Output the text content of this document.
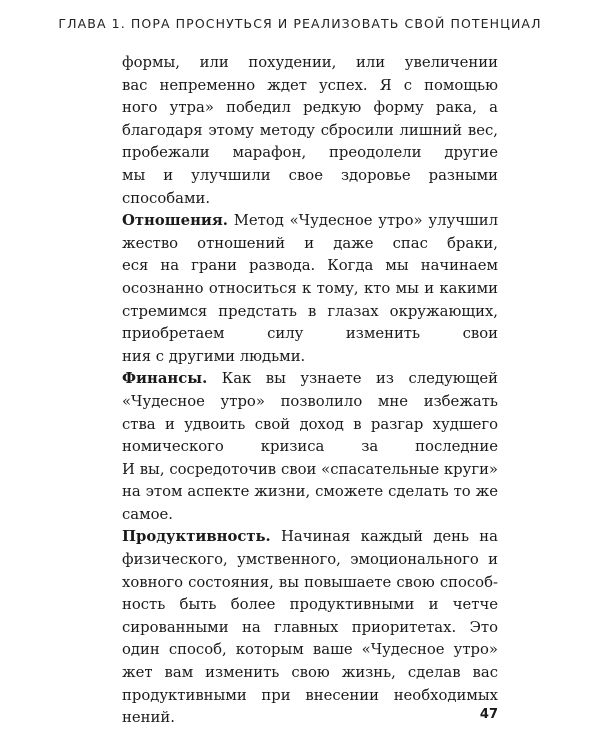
ГЛАВА 1. ПОРА ПРОСНУТЬСЯ И РЕАЛИЗОВАТЬ СВОЙ ПОТЕНЦИАЛ
формы, или похудении, или увеличении
вас непременно ждет успех. Я с помощью
ного утра» победил редкую форму рака, а
благодаря этому методу сбросили лишний вес,
пробежали марафон, преодолели другие
мы и улучшили свое здоровье разными
способами.
Отношения. Метод «Чудесное утро» улучшил
жество отношений и даже спас браки,
еся на грани развода. Когда мы начинаем
осознанно относиться к тому, кто мы и какими
стремимся предстать в глазах окружающих,
приобретаем силу изменить свои
ния с другими людьми.
Финансы. Как вы узнаете из следующей
«Чудесное утро» позволило мне избежать
ства и удвоить свой доход в разгар худшего
номического кризиса за последние
И вы, сосредоточив свои «спасательные круги»
на этом аспекте жизни, сможете сделать то же
самое.
Продуктивность. Начиная каждый день на
физического, умственного, эмоционального и
ховного состояния, вы повышаете свою способ-
ность быть более продуктивными и четче
сированными на главных приоритетах. Это
один способ, которым ваше «Чудесное утро»
жет вам изменить свою жизнь, сделав вас
продуктивными при внесении необходимых
нений.	47
